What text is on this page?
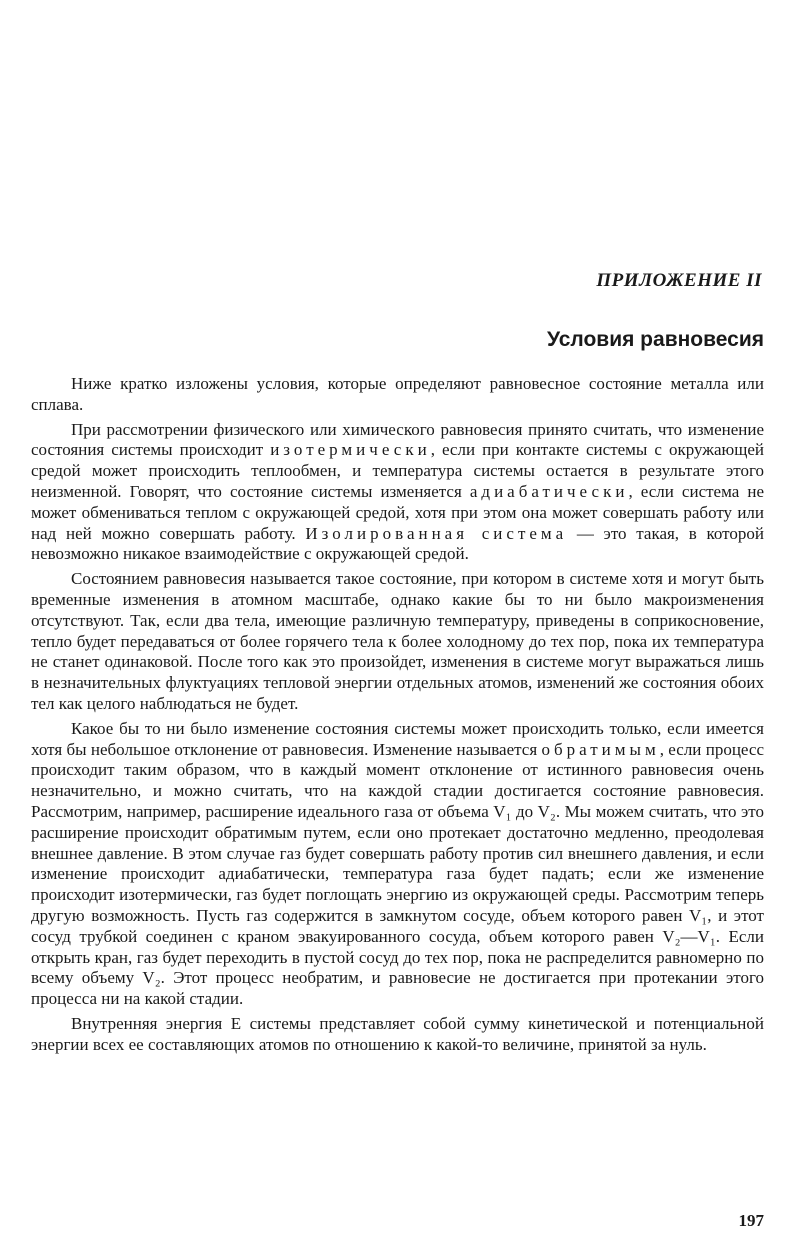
ПРИЛОЖЕНИЕ II
Условия равновесия

Ниже кратко изложены условия, которые определяют равновесное состояние металла или сплава.

При рассмотрении физического или химического равновесия принято считать, что изменение состояния системы происходит изотермически, если при контакте системы с окружающей средой может происходить теплообмен, и температура системы остается в результате этого неизменной. Говорят, что состояние системы изменяется адиабатически, если система не может обмениваться теплом с окружающей средой, хотя при этом она может совершать работу или над ней можно совершать работу. Изолированная система — это такая, в которой невозможно никакое взаимодействие с окружающей средой.

Состоянием равновесия называется такое состояние, при котором в системе хотя и могут быть временные изменения в атомном масштабе, однако какие бы то ни было макроизменения отсутствуют. Так, если два тела, имеющие различную температуру, приведены в соприкосновение, тепло будет передаваться от более горячего тела к более холодному до тех пор, пока их температура не станет одинаковой. После того как это произойдет, изменения в системе могут выражаться лишь в незначительных флуктуациях тепловой энергии отдельных атомов, изменений же состояния обоих тел как целого наблюдаться не будет.

Какое бы то ни было изменение состояния системы может происходить только, если имеется хотя бы небольшое отклонение от равновесия. Изменение называется обратимым, если процесс происходит таким образом, что в каждый момент отклонение от истинного равновесия очень незначительно, и можно считать, что на каждой стадии достигается состояние равновесия. Рассмотрим, например, расширение идеального газа от объема V₁ до V₂. Мы можем считать, что это расширение происходит обратимым путем, если оно протекает достаточно медленно, преодолевая внешнее давление. В этом случае газ будет совершать работу против сил внешнего давления, и если изменение происходит адиабатически, температура газа будет падать; если же изменение происходит изотермически, газ будет поглощать энергию из окружающей среды. Рассмотрим теперь другую возможность. Пусть газ содержится в замкнутом сосуде, объем которого равен V₁, и этот сосуд трубкой соединен с краном эвакуированного сосуда, объем которого равен V₂—V₁. Если открыть кран, газ будет переходить в пустой сосуд до тех пор, пока не распределится равномерно по всему объему V₂. Этот процесс необратим, и равновесие не достигается при протекании этого процесса ни на какой стадии.

Внутренняя энергия E системы представляет собой сумму кинетической и потенциальной энергии всех ее составляющих атомов по отношению к какой-то величине, принятой за нуль.

197
